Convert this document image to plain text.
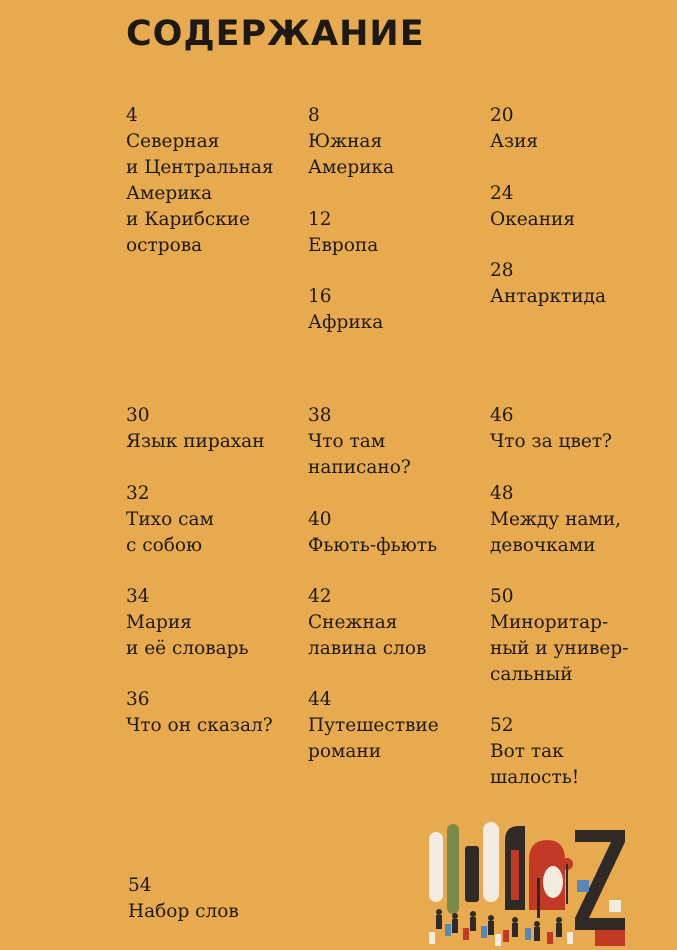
СОДЕРЖАНИЕ
4
Северная
и Центральная
Америка
и Карибские
острова
8
Южная
Америка
12
Европа
16
Африка
20
Азия
24
Океания
28
Антарктида
30
Язык пирахан
32
Тихо сам
с собою
34
Мария
и её словарь
36
Что он сказал?
38
Что там
написано?
40
Фьють-фьють
42
Снежная
лавина слов
44
Путешествие
романи
46
Что за цвет?
48
Между нами,
девочками
50
Миноритар-
ный и универ-
сальный
52
Вот так
шалость!
54
Набор слов
